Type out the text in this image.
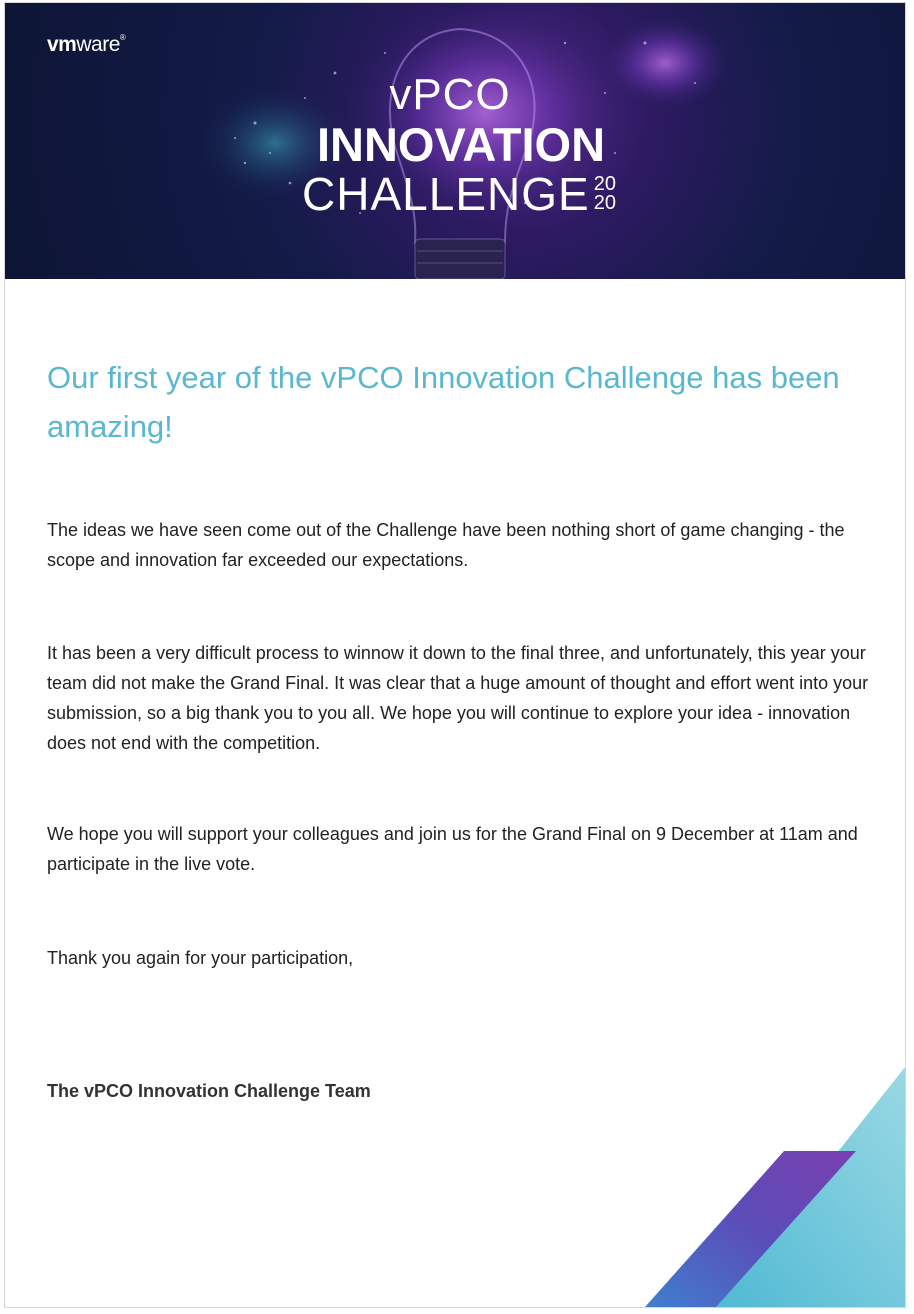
vmware®
vPCO
INNOVATION
CHALLENGE 20
20
Our first year of the vPCO Innovation Challenge has been amazing!

The ideas we have seen come out of the Challenge have been nothing short of game changing - the scope and innovation far exceeded our expectations.

It has been a very difficult process to winnow it down to the final three, and unfortunately, this year your team did not make the Grand Final. It was clear that a huge amount of thought and effort went into your submission, so a big thank you to you all. We hope you will continue to explore your idea - innovation does not end with the competition.

We hope you will support your colleagues and join us for the Grand Final on 9 December at 11am and participate in the live vote.

Thank you again for your participation,

The vPCO Innovation Challenge Team
